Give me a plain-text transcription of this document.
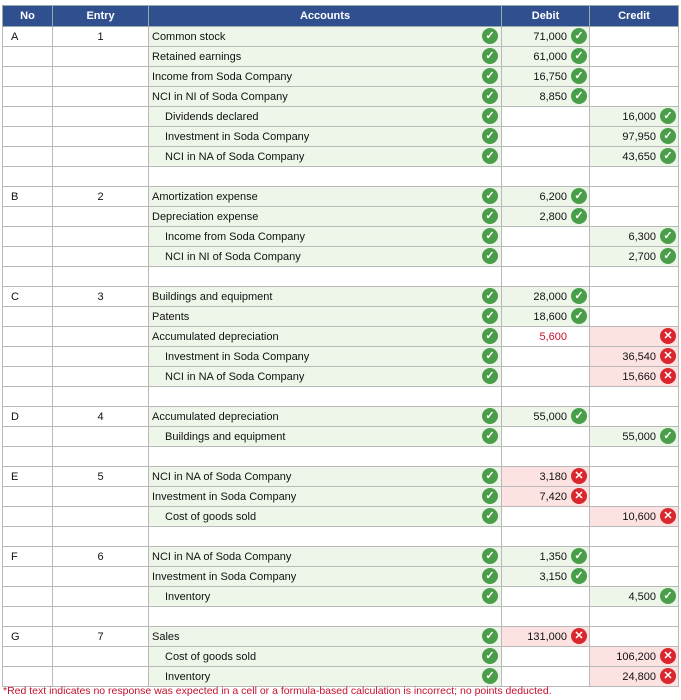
No	Entry	Accounts	Debit	Credit
A	1	Common stock ✓	71,000 ✓	

		Retained earnings ✓	61,000 ✓	

		Income from Soda Company ✓	16,750 ✓	

		NCI in NI of Soda Company ✓	8,850 ✓	

		Dividends declared ✓		16,000 ✓

		Investment in Soda Company ✓		97,950 ✓

		NCI in NA of Soda Company ✓		43,650 ✓

B	2	Amortization expense ✓	6,200 ✓	

		Depreciation expense ✓	2,800 ✓	

		Income from Soda Company ✓		6,300 ✓

		NCI in NI of Soda Company ✓		2,700 ✓

C	3	Buildings and equipment ✓	28,000 ✓	

		Patents ✓	18,600 ✓	

		Accumulated depreciation ✓	5,600	✕

		Investment in Soda Company ✓		36,540 ✕

		NCI in NA of Soda Company ✓		15,660 ✕

D	4	Accumulated depreciation ✓	55,000 ✓	

		Buildings and equipment ✓		55,000 ✓

E	5	NCI in NA of Soda Company ✓	3,180 ✕	

		Investment in Soda Company ✓	7,420 ✕	

		Cost of goods sold ✓		10,600 ✕

F	6	NCI in NA of Soda Company ✓	1,350 ✓	

		Investment in Soda Company ✓	3,150 ✓	

		Inventory ✓		4,500 ✓

G	7	Sales ✓	131,000 ✕	

		Cost of goods sold ✓		106,200 ✕

		Inventory ✓		24,800 ✕
*Red text indicates no response was expected in a cell or a formula-based calculation is incorrect; no points deducted.
